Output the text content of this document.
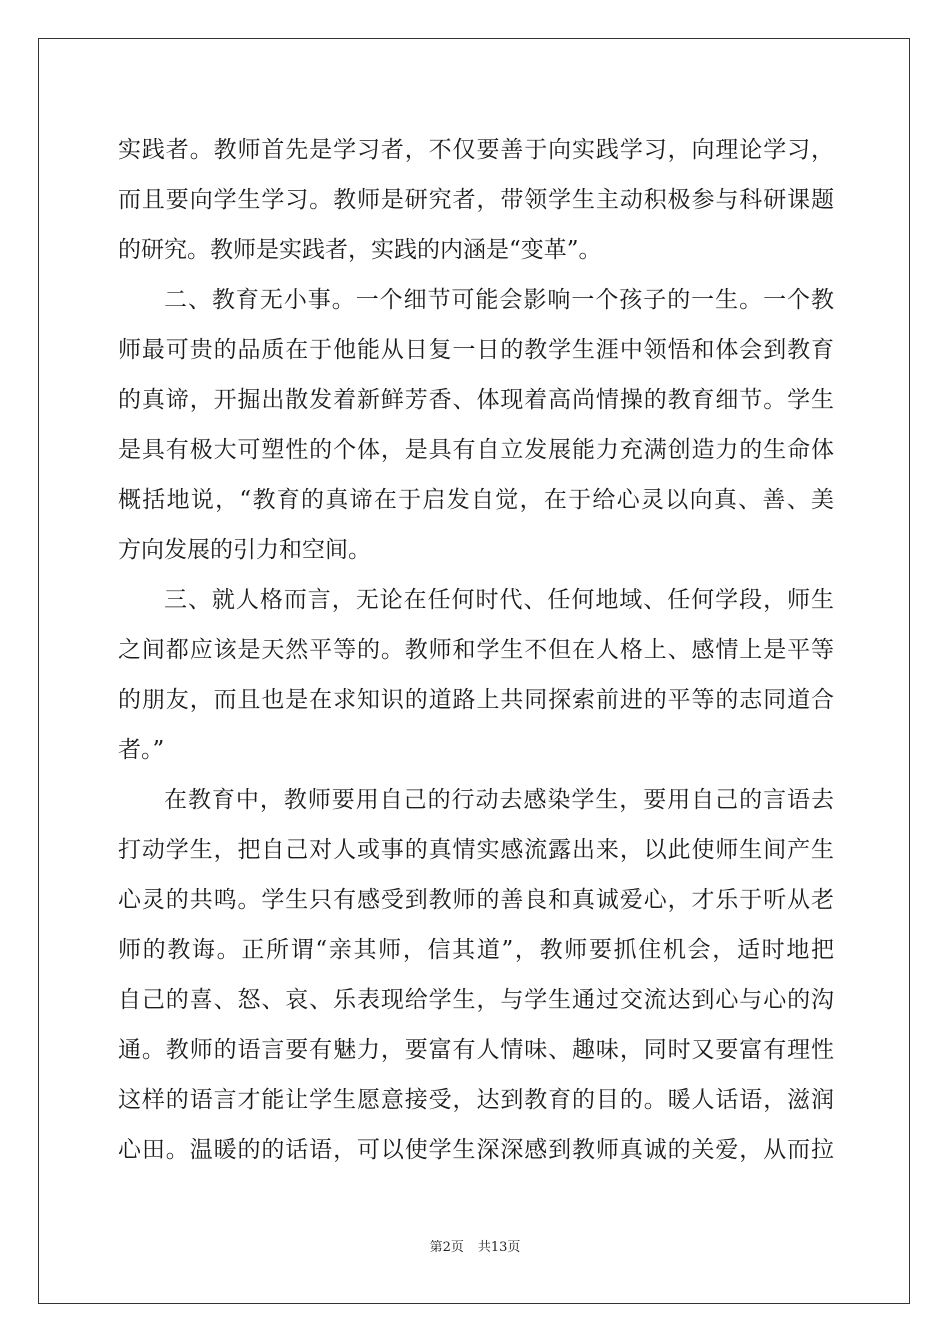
实践者。教师首先是学习者，不仅要善于向实践学习，向理论学习，
而且要向学生学习。教师是研究者，带领学生主动积极参与科研课题
的研究。教师是实践者，实践的内涵是“变革”。
二、教育无小事。一个细节可能会影响一个孩子的一生。一个教
师最可贵的品质在于他能从日复一日的教学生涯中领悟和体会到教育
的真谛，开掘出散发着新鲜芳香、体现着高尚情操的教育细节。学生
是具有极大可塑性的个体，是具有自立发展能力充满创造力的生命体
概括地说，“教育的真谛在于启发自觉，在于给心灵以向真、善、美
方向发展的引力和空间。
三、就人格而言，无论在任何时代、任何地域、任何学段，师生
之间都应该是天然平等的。教师和学生不但在人格上、感情上是平等
的朋友，而且也是在求知识的道路上共同探索前进的平等的志同道合
者。”
在教育中，教师要用自己的行动去感染学生，要用自己的言语去
打动学生，把自己对人或事的真情实感流露出来，以此使师生间产生
心灵的共鸣。学生只有感受到教师的善良和真诚爱心，才乐于听从老
师的教诲。正所谓“亲其师，信其道”，教师要抓住机会，适时地把
自己的喜、怒、哀、乐表现给学生，与学生通过交流达到心与心的沟
通。教师的语言要有魅力，要富有人情味、趣味，同时又要富有理性
这样的语言才能让学生愿意接受，达到教育的目的。暖人话语，滋润
心田。温暖的的话语，可以使学生深深感到教师真诚的关爱，从而拉
第2页 共13页
